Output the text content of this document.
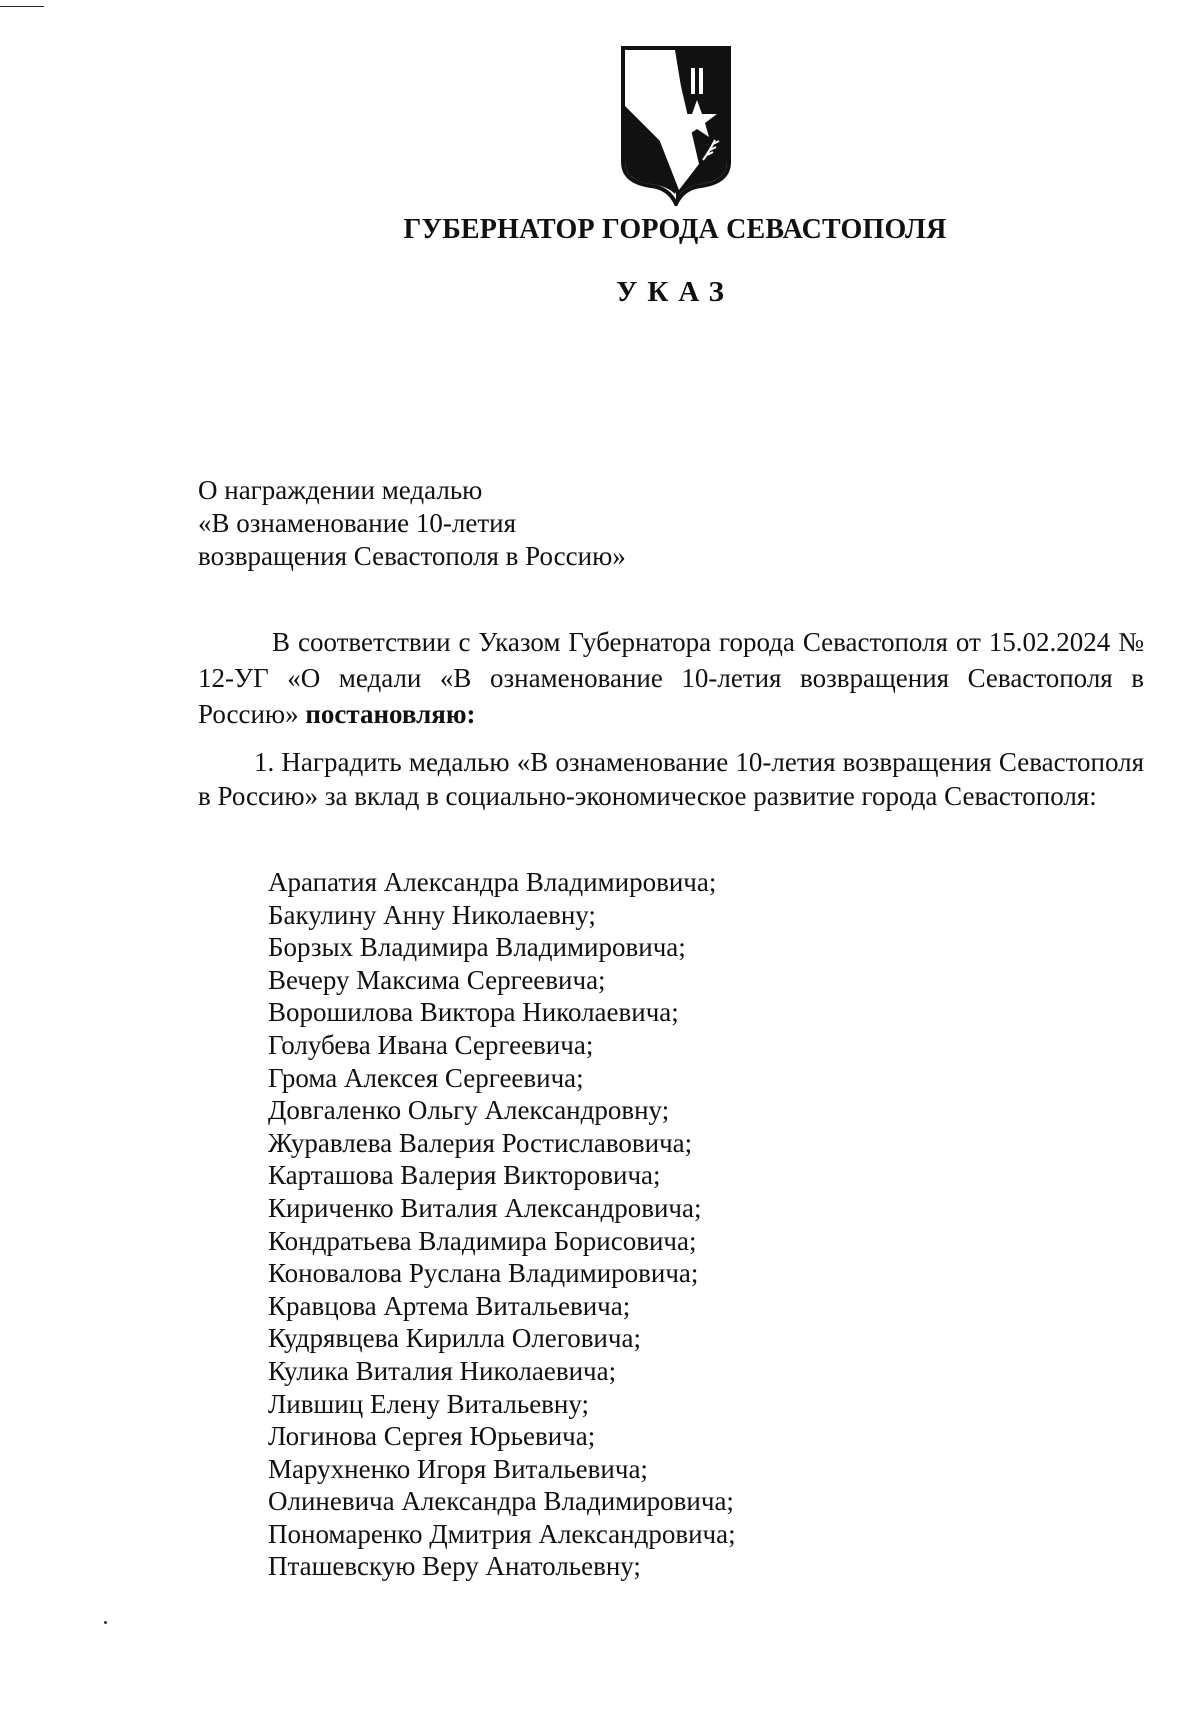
ГУБЕРНАТОР ГОРОДА СЕВАСТОПОЛЯ
УКАЗ
О награждении медалью
«В ознаменование 10-летия
возвращения Севастополя в Россию»
В соответствии с Указом Губернатора города Севастополя от 15.02.2024 № 12-УГ «О медали «В ознаменование 10-летия возвращения Севастополя в Россию» постановляю:
1. Наградить медалью «В ознаменование 10-летия возвращения Севастополя в Россию» за вклад в социально-экономическое развитие города Севастополя:
Арапатия Александра Владимировича;
Бакулину Анну Николаевну;
Борзых Владимира Владимировича;
Вечеру Максима Сергеевича;
Ворошилова Виктора Николаевича;
Голубева Ивана Сергеевича;
Грома Алексея Сергеевича;
Довгаленко Ольгу Александровну;
Журавлева Валерия Ростиславовича;
Карташова Валерия Викторовича;
Кириченко Виталия Александровича;
Кондратьева Владимира Борисовича;
Коновалова Руслана Владимировича;
Кравцова Артема Витальевича;
Кудрявцева Кирилла Олеговича;
Кулика Виталия Николаевича;
Лившиц Елену Витальевну;
Логинова Сергея Юрьевича;
Марухненко Игоря Витальевича;
Олиневича Александра Владимировича;
Пономаренко Дмитрия Александровича;
Пташевскую Веру Анатольевну;
